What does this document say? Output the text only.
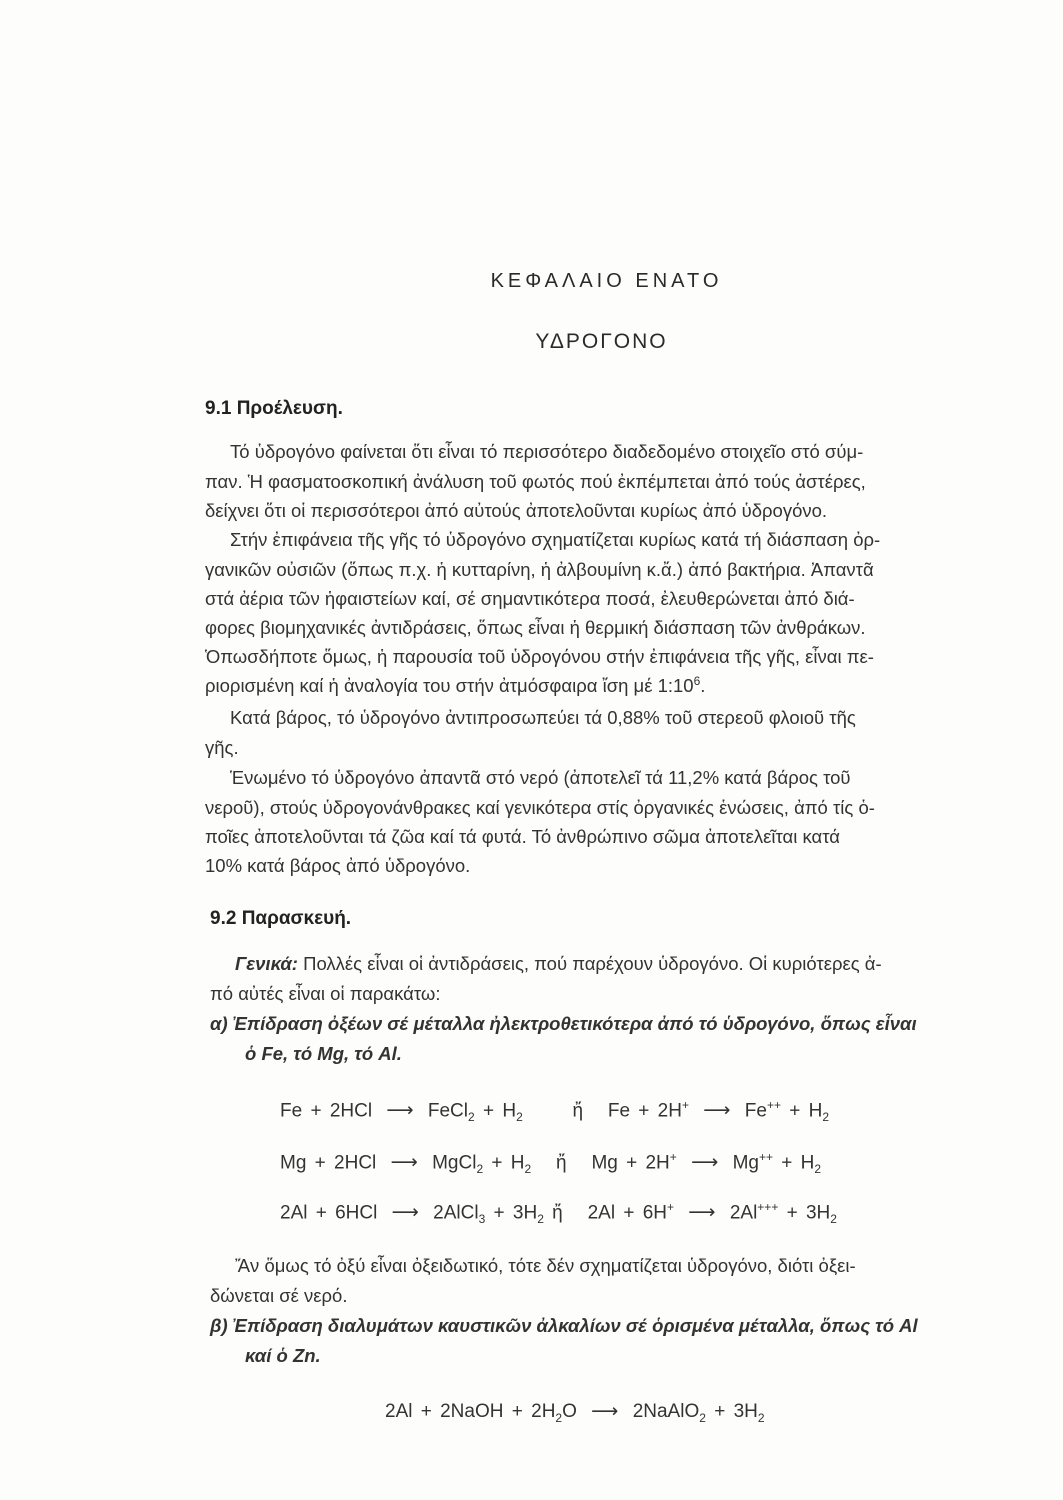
ΚΕΦΑΛΑΙΟ ΕΝΑΤΟ
ΥΔΡΟΓΟΝΟ
9.1 Προέλευση.
Τό ὑδρογόνο φαίνεται ὅτι εἶναι τό περισσότερο διαδεδομένο στοιχεῖο στό σύμ-
παν. Ἡ φασματοσκοπική ἀνάλυση τοῦ φωτός πού ἐκπέμπεται ἀπό τούς ἀστέρες,
δείχνει ὅτι οἱ περισσότεροι ἀπό αὐτούς ἀποτελοῦνται κυρίως ἀπό ὑδρογόνο.
Στήν ἐπιφάνεια τῆς γῆς τό ὑδρογόνο σχηματίζεται κυρίως κατά τή διάσπαση ὀρ-
γανικῶν οὐσιῶν (ὅπως π.χ. ἡ κυτταρίνη, ἡ ἀλβουμίνη κ.ἄ.) ἀπό βακτήρια. Ἀπαντᾶ
στά ἀέρια τῶν ἡφαιστείων καί, σέ σημαντικότερα ποσά, ἐλευθερώνεται ἀπό διά-
φορες βιομηχανικές ἀντιδράσεις, ὅπως εἶναι ἡ θερμική διάσπαση τῶν ἀνθράκων.
Ὁπωσδήποτε ὅμως, ἡ παρουσία τοῦ ὑδρογόνου στήν ἐπιφάνεια τῆς γῆς, εἶναι πε-
ριορισμένη καί ἡ ἀναλογία του στήν ἀτμόσφαιρα ἴση μέ $1:10^6$.
Κατά βάρος, τό ὑδρογόνο ἀντιπροσωπεύει τά 0,88% τοῦ στερεοῦ φλοιοῦ τῆς
γῆς.
Ἑνωμένο τό ὑδρογόνο ἀπαντᾶ στό νερό (ἀποτελεῖ τά 11,2% κατά βάρος τοῦ
νεροῦ), στούς ὑδρογονάνθρακες καί γενικότερα στίς ὀργανικές ἑνώσεις, ἀπό τίς ὁ-
ποῖες ἀποτελοῦνται τά ζῶα καί τά φυτά. Τό ἀνθρώπινο σῶμα ἀποτελεῖται κατά
10% κατά βάρος ἀπό ὑδρογόνο.
9.2 Παρασκευή.
Γενικά: Πολλές εἶναι οἱ ἀντιδράσεις, πού παρέχουν ὑδρογόνο. Οἱ κυριότερες ἀ-
πό αὐτές εἶναι οἱ παρακάτω:
α) Ἐπίδραση ὀξέων σέ μέταλλα ἠλεκτροθετικότερα ἀπό τό ὑδρογόνο, ὅπως εἶναι
ὁ Fe, τό Mg, τό Al.
Fe + 2HCl ⟶ FeCl$_2$ + $H_2$	ἤ   Fe + 2H+ ⟶ $Fe^{++} + H_2$
Mg + 2HCl ⟶ MgCl$_2$ + $H_2$ ἤ   Mg + 2H+ ⟶ $Mg^{++} + H_2$
2Al + 6HCl ⟶ 2AlCl$_3$ + $3H_2$ ἤ   2Al + 6H+ ⟶ $2Al^{+++} + 3H_2$
Ἄν ὅμως τό ὀξύ εἶναι ὀξειδωτικό, τότε δέν σχηματίζεται ὑδρογόνο, διότι ὀξει-
δώνεται σέ νερό.
β) Ἐπίδραση διαλυμάτων καυστικῶν ἀλκαλίων σέ ὁρισμένα μέταλλα, ὅπως τό Al
καί ὁ Zn.
2Al + 2NaOH + $2H_2O$ ⟶ 2NaAlO$_2$ + $3H_2$
